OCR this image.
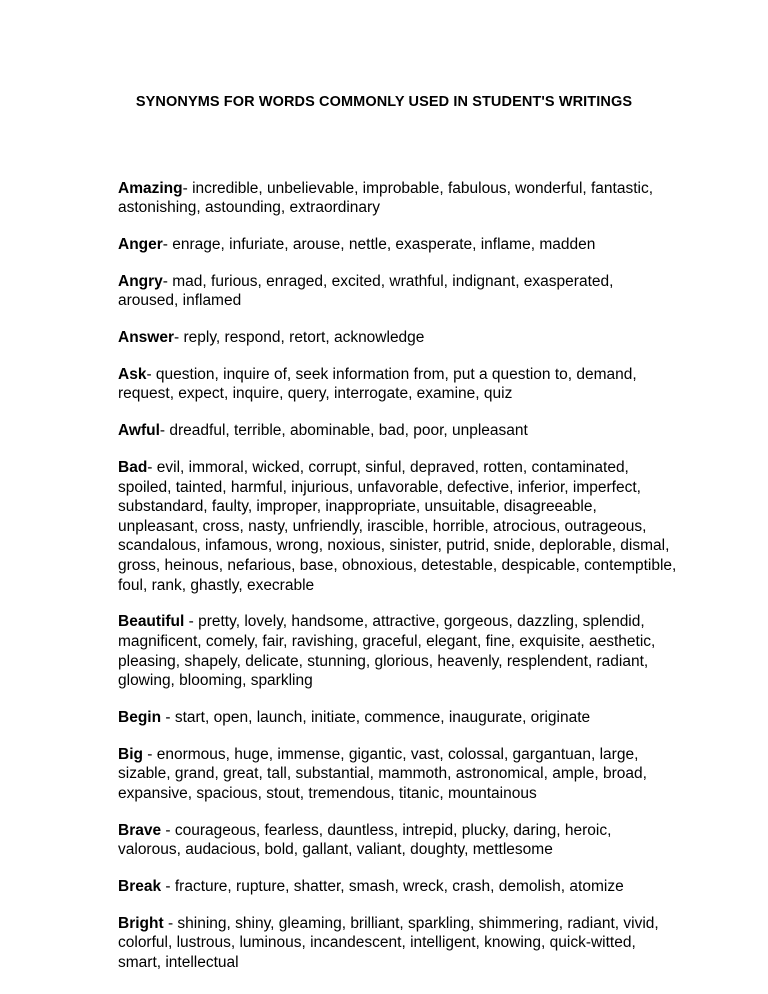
SYNONYMS FOR WORDS COMMONLY USED IN STUDENT'S WRITINGS

Amazing- incredible, unbelievable, improbable, fabulous, wonderful, fantastic, astonishing, astounding, extraordinary

Anger- enrage, infuriate, arouse, nettle, exasperate, inflame, madden

Angry- mad, furious, enraged, excited, wrathful, indignant, exasperated, aroused, inflamed

Answer- reply, respond, retort, acknowledge

Ask- question, inquire of, seek information from, put a question to, demand, request, expect, inquire, query, interrogate, examine, quiz

Awful- dreadful, terrible, abominable, bad, poor, unpleasant

Bad- evil, immoral, wicked, corrupt, sinful, depraved, rotten, contaminated, spoiled, tainted, harmful, injurious, unfavorable, defective, inferior, imperfect, substandard, faulty, improper, inappropriate, unsuitable, disagreeable, unpleasant, cross, nasty, unfriendly, irascible, horrible, atrocious, outrageous, scandalous, infamous, wrong, noxious, sinister, putrid, snide, deplorable, dismal, gross, heinous, nefarious, base, obnoxious, detestable, despicable, contemptible, foul, rank, ghastly, execrable

Beautiful - pretty, lovely, handsome, attractive, gorgeous, dazzling, splendid, magnificent, comely, fair, ravishing, graceful, elegant, fine, exquisite, aesthetic, pleasing, shapely, delicate, stunning, glorious, heavenly, resplendent, radiant, glowing, blooming, sparkling

Begin - start, open, launch, initiate, commence, inaugurate, originate

Big - enormous, huge, immense, gigantic, vast, colossal, gargantuan, large, sizable, grand, great, tall, substantial, mammoth, astronomical, ample, broad, expansive, spacious, stout, tremendous, titanic, mountainous

Brave - courageous, fearless, dauntless, intrepid, plucky, daring, heroic, valorous, audacious, bold, gallant, valiant, doughty, mettlesome

Break - fracture, rupture, shatter, smash, wreck, crash, demolish, atomize

Bright - shining, shiny, gleaming, brilliant, sparkling, shimmering, radiant, vivid, colorful, lustrous, luminous, incandescent, intelligent, knowing, quick-witted, smart, intellectual
